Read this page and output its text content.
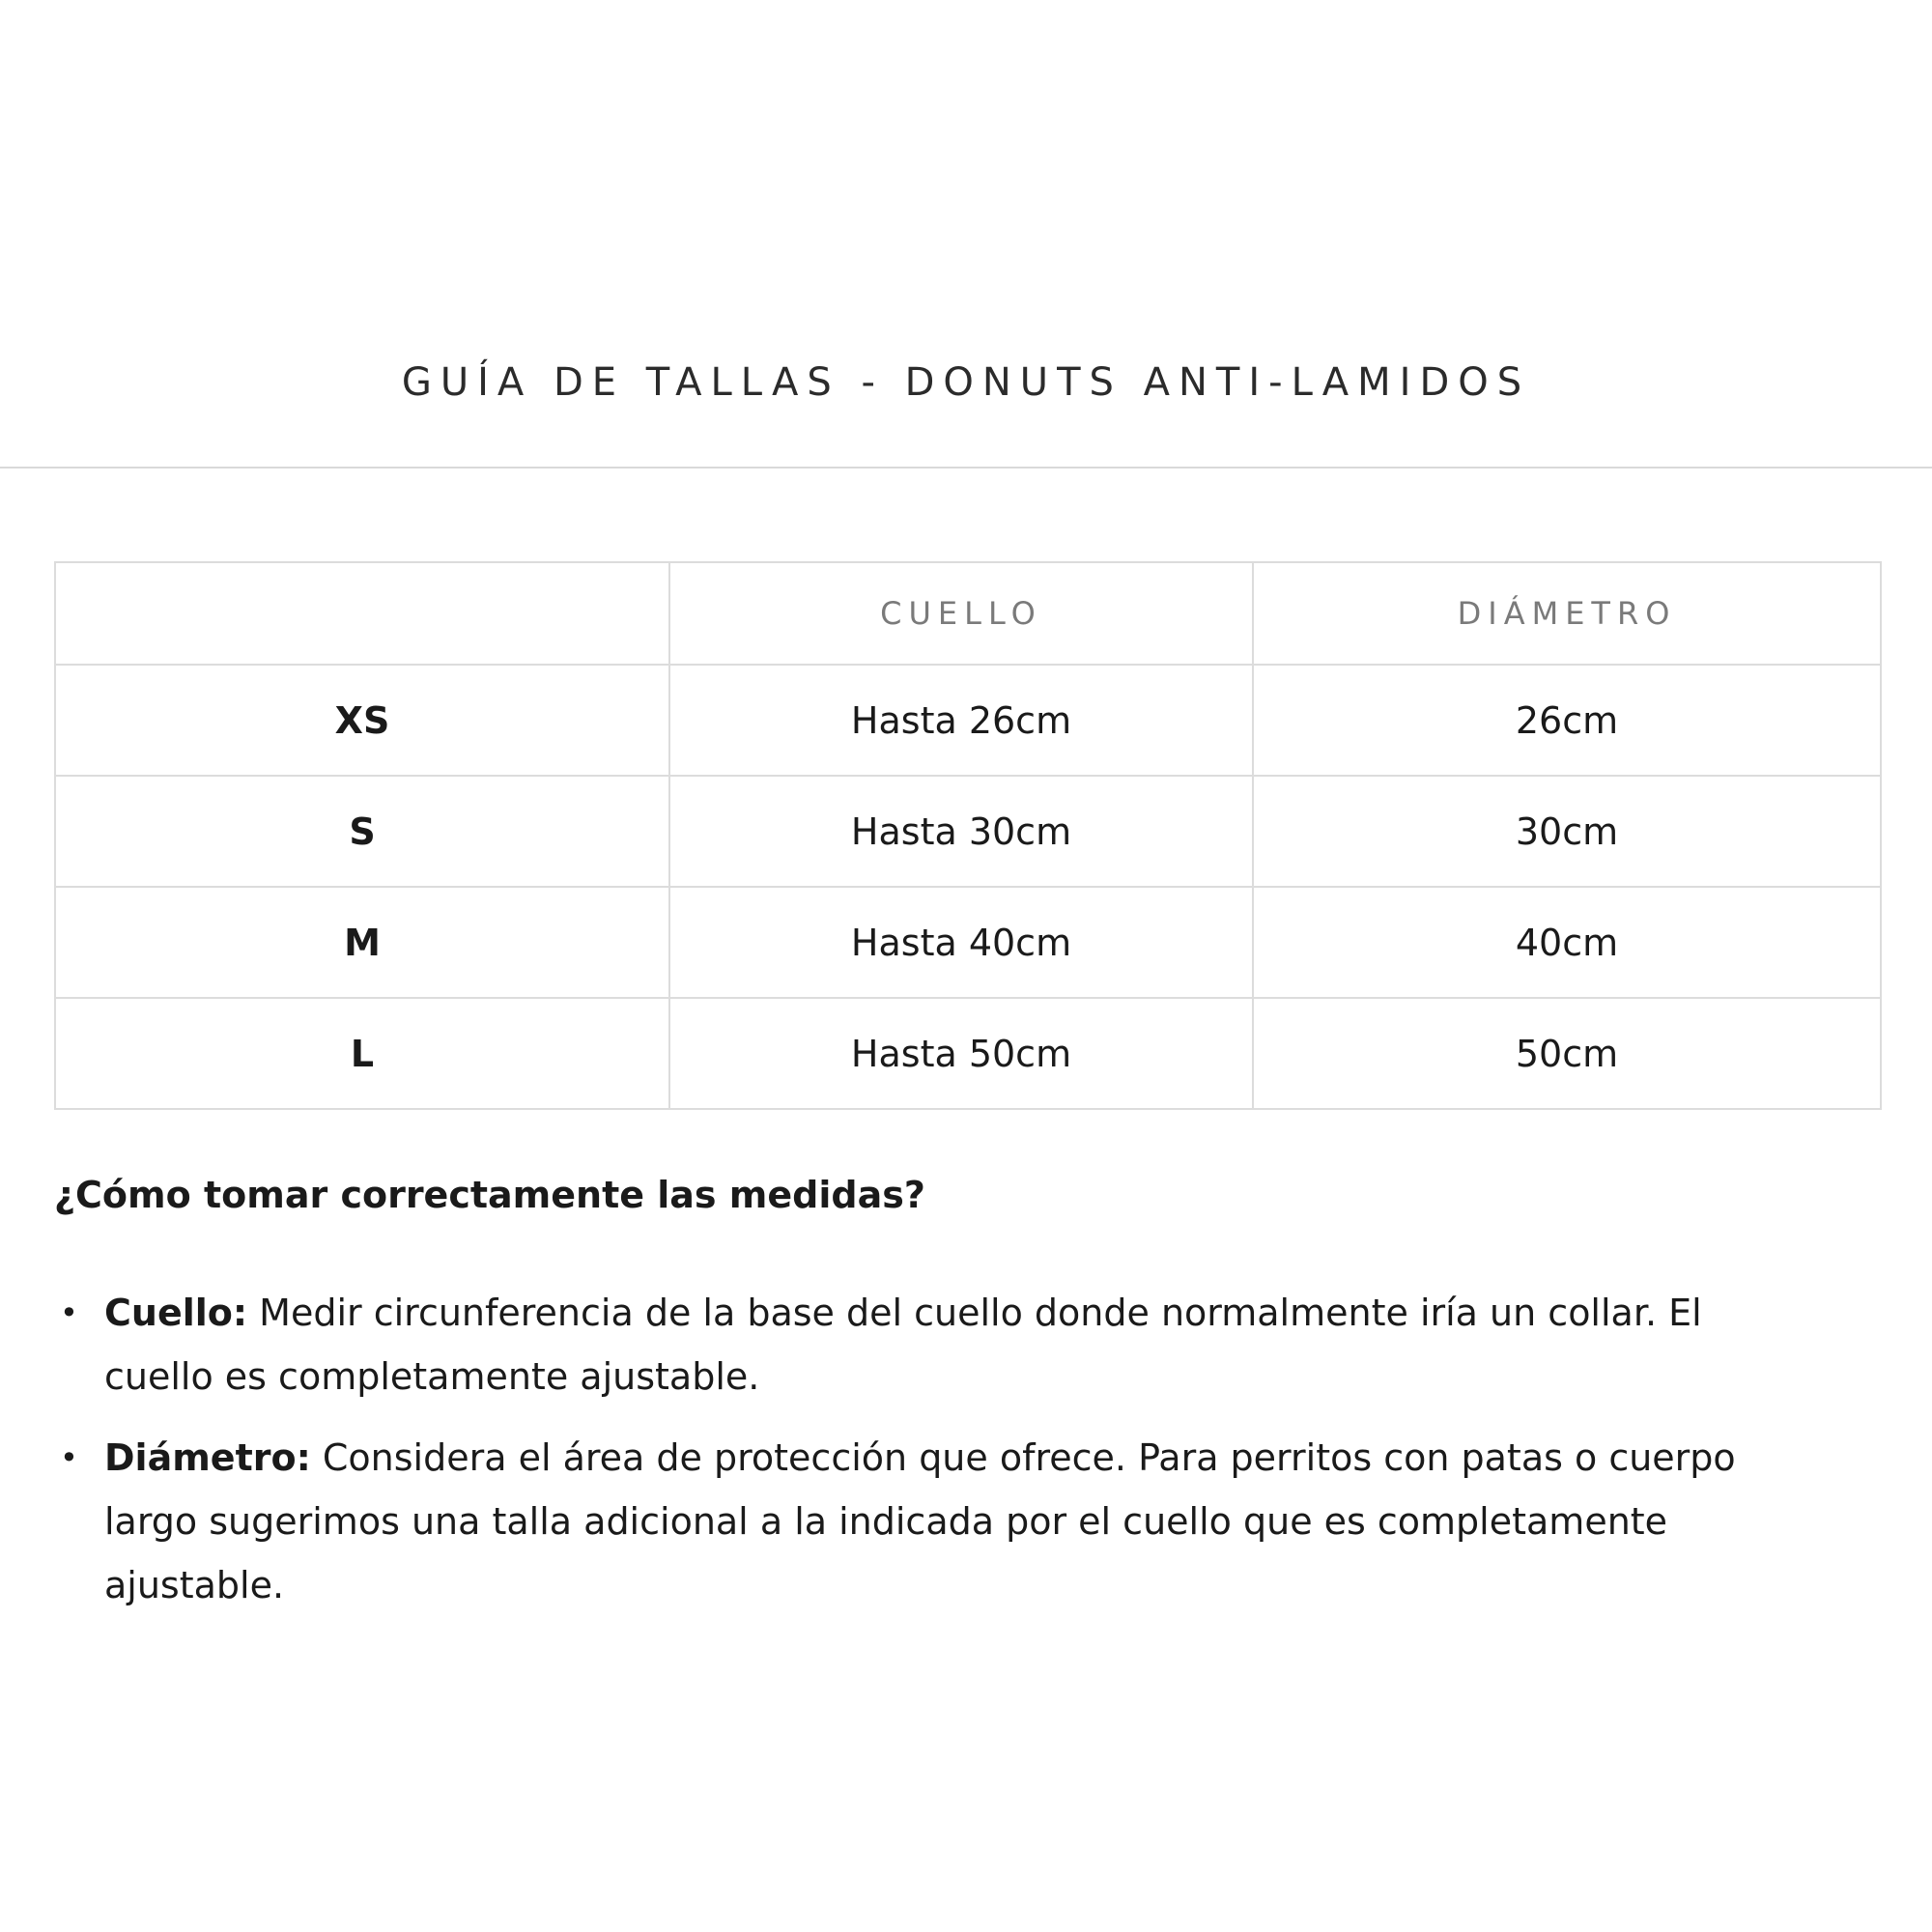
GUÍA DE TALLAS - DONUTS ANTI-LAMIDOS
	CUELLO	DIÁMETRO
XS	Hasta 26cm	26cm
S	Hasta 30cm	30cm
M	Hasta 40cm	40cm
L	Hasta 50cm	50cm
¿Cómo tomar correctamente las medidas?
• Cuello: Medir circunferencia de la base del cuello donde normalmente iría un collar. El cuello es completamente ajustable.
• Diámetro: Considera el área de protección que ofrece. Para perritos con patas o cuerpo largo sugerimos una talla adicional a la indicada por el cuello que es completamente ajustable.
